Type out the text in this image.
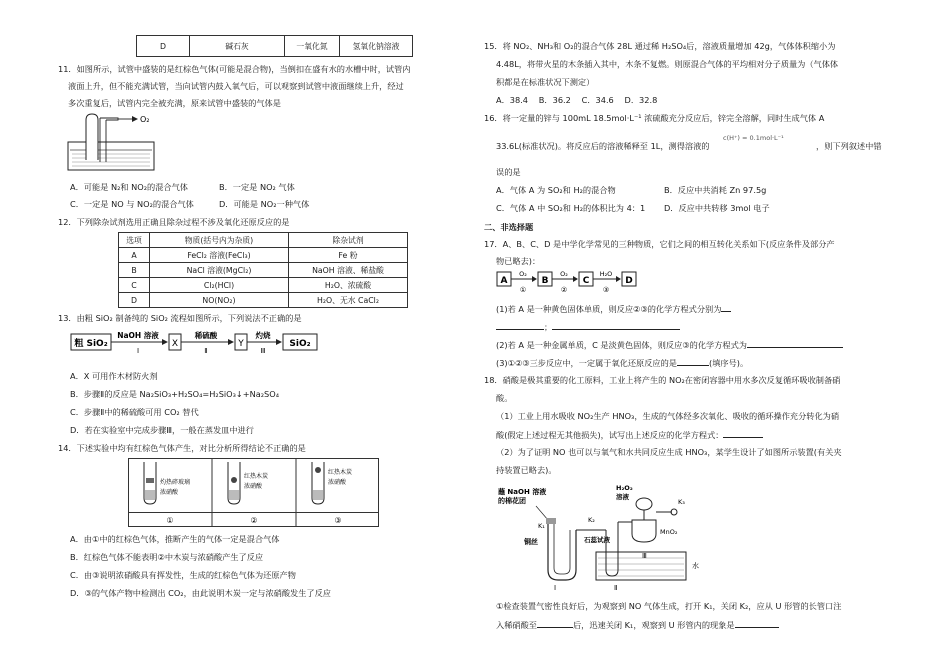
D	碱石灰	一氧化氮	氢氧化钠溶液
11．如图所示，试管中盛装的是红棕色气体(可能是混合物)，当倒扣在盛有水的水槽中时，试管内
液面上升，但不能充满试管，当向试管内鼓入氧气后，可以观察到试管中液面继续上升，经过
多次重复后，试管内完全被充满，原来试管中盛装的气体是
O₂
A．可能是 N₂和 NO₂的混合气体	B．一定是 NO₂ 气体
C．一定是 NO 与 NO₂的混合气体	D．可能是 NO₂一种气体
12．下列除杂试剂选用正确且除杂过程不涉及氧化还原反应的是
选项	物质(括号内为杂质)	除杂试剂
A	FeCl₂ 溶液(FeCl₃)	Fe 粉
B	NaCl 溶液(MgCl₂)	NaOH 溶液、稀盐酸
C	Cl₂(HCl)	H₂O、浓硫酸
D	NO(NO₂)	H₂O、无水 CaCl₂
13．由粗 SiO₂ 制备纯的 SiO₂ 流程如图所示，下列说法不正确的是
粗 SiO₂
NaOH 溶液
Ⅰ
X
稀硫酸
Ⅱ
Y
灼烧
Ⅲ
SiO₂
A．X 可用作木材防火剂
B．步骤Ⅱ的反应是 Na₂SiO₃+H₂SO₄=H₂SiO₃↓+Na₂SO₄
C．步骤Ⅱ中的稀硫酸可用 CO₂ 替代
D．若在实验室中完成步骤Ⅲ，一般在蒸发皿中进行
14．下述实验中均有红棕色气体产生，对比分析所得结论不正确的是
灼热碎玻璃
浓硝酸
红热木炭
浓硝酸
红热木炭
浓硝酸
①	②	③
A．由①中的红棕色气体，推断产生的气体一定是混合气体
B．红棕色气体不能表明②中木炭与浓硝酸产生了反应
C．由③说明浓硝酸具有挥发性，生成的红棕色气体为还原产物
D．③的气体产物中检测出 CO₂，由此说明木炭一定与浓硝酸发生了反应
15．将 NO₂、NH₃和 O₂的混合气体 28L 通过稀 H₂SO₄后，溶液质量增加 42g，气体体积缩小为
4.48L，将带火星的木条插入其中，木条不复燃。则原混合气体的平均相对分子质量为（气体体
积都是在标准状况下测定）
A．38.4　 B．36.2　 C．34.6　 D．32.8
16．将一定量的锌与 100mL 18.5mol·L⁻¹ 浓硫酸充分反应后，锌完全溶解，同时生成气体 A
33.6L(标准状况)。将反应后的溶液稀释至 1L，测得溶液的
c(H⁺) = 0.1mol·L⁻¹
，则下列叙述中错
误的是
A．气体 A 为 SO₂和 H₂的混合物	B．反应中共消耗 Zn 97.5g
C．气体 A 中 SO₂和 H₂的体积比为 4：1 D．反应中共转移 3mol 电子
二、非选择题
17．A、B、C、D 是中学化学常见的三种物质，它们之间的相互转化关系如下(反应条件及部分产
物已略去)：
A
O₂
①
B
O₂
②
C
H₂O
③
D
(1)若 A 是一种黄色固体单质，则反应②③的化学方程式分别为
；
(2)若 A 是一种金属单质，C 是淡黄色固体，则反应③的化学方程式为
(3)①②③三步反应中，一定属于氧化还原反应的是	(填序号)。
18．硝酸是极其重要的化工原料，工业上将产生的 NO₂在密闭容器中用水多次反复循环吸收制备硝
酸。
（1）工业上用水吸收 NO₂生产 HNO₃，生成的气体经多次氧化、吸收的循环操作充分转化为硝
酸(假定上述过程无其他损失)，试写出上述反应的化学方程式：
（2）为了证明 NO 也可以与氧气和水共同反应生成 HNO₃，某学生设计了如图所示装置(有关夹
持装置已略去)。
蘸 NaOH 溶液
的棉花团
K₁
铜丝
Ⅰ
K₂
石蕊试液
水
Ⅱ
H₂O₂
溶液
K₃
MnO₂
Ⅲ
①检查装置气密性良好后，为观察到 NO 气体生成，打开 K₁，关闭 K₂，应从 U 形管的长管口注
入稀硝酸至	后，迅速关闭 K₁，观察到 U 形管内的现象是
